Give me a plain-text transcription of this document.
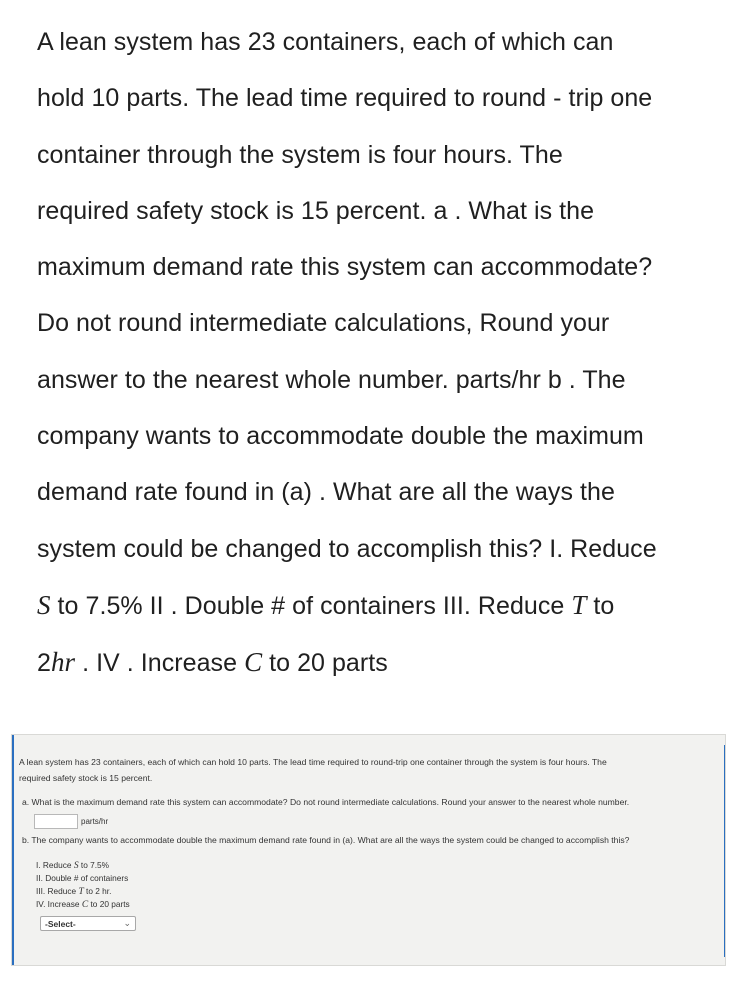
A lean system has 23 containers, each of which can
hold 10 parts. The lead time required to round - trip one
container through the system is four hours. The
required safety stock is 15 percent. a . What is the
maximum demand rate this system can accommodate?
Do not round intermediate calculations, Round your
answer to the nearest whole number. parts/hr b . The
company wants to accommodate double the maximum
demand rate found in (a) . What are all the ways the
system could be changed to accomplish this? I. Reduce
S to 7.5% II . Double # of containers III. Reduce T to
2hr . IV . Increase C to 20 parts

A lean system has 23 containers, each of which can hold 10 parts. The lead time required to round-trip one container through the system is four hours. The

required safety stock is 15 percent.

a. What is the maximum demand rate this system can accommodate? Do not round intermediate calculations. Round your answer to the nearest whole number.

parts/hr

b. The company wants to accommodate double the maximum demand rate found in (a). What are all the ways the system could be changed to accomplish this?

I. Reduce S to 7.5%
II. Double # of containers
III. Reduce T to 2 hr.
IV. Increase C to 20 parts
-Select-	⌄
